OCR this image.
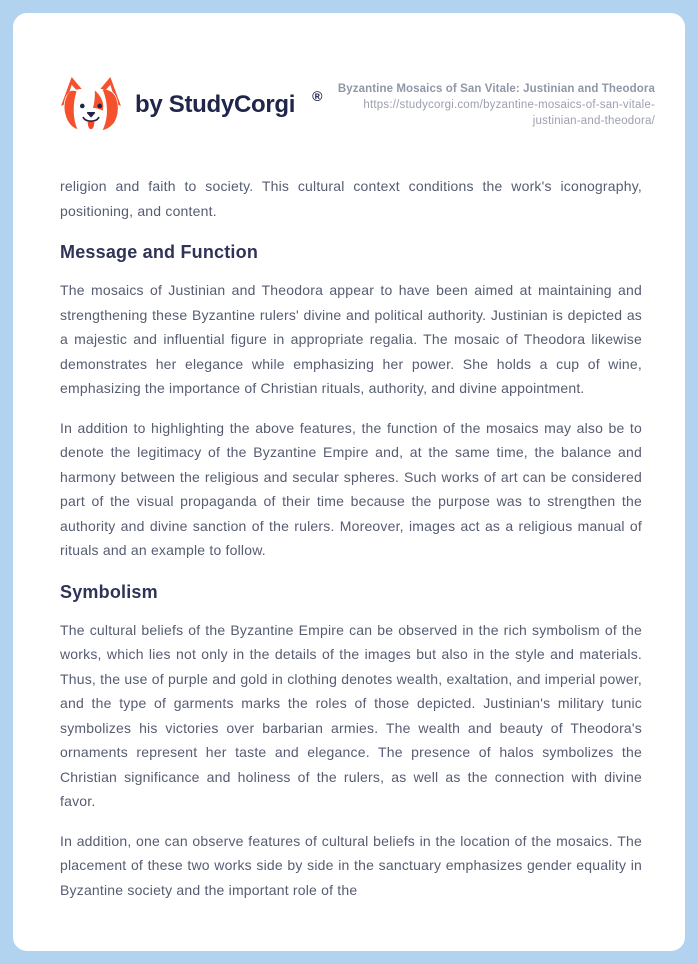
by StudyCorgi ®	Byzantine Mosaics of San Vitale: Justinian and Theodora
https://studycorgi.com/byzantine-mosaics-of-san-vitale-justinian-and-theodora/

religion and faith to society. This cultural context conditions the work's iconography, positioning, and content.

Message and Function

The mosaics of Justinian and Theodora appear to have been aimed at maintaining and strengthening these Byzantine rulers' divine and political authority. Justinian is depicted as a majestic and influential figure in appropriate regalia. The mosaic of Theodora likewise demonstrates her elegance while emphasizing her power. She holds a cup of wine, emphasizing the importance of Christian rituals, authority, and divine appointment.

In addition to highlighting the above features, the function of the mosaics may also be to denote the legitimacy of the Byzantine Empire and, at the same time, the balance and harmony between the religious and secular spheres. Such works of art can be considered part of the visual propaganda of their time because the purpose was to strengthen the authority and divine sanction of the rulers. Moreover, images act as a religious manual of rituals and an example to follow.

Symbolism

The cultural beliefs of the Byzantine Empire can be observed in the rich symbolism of the works, which lies not only in the details of the images but also in the style and materials. Thus, the use of purple and gold in clothing denotes wealth, exaltation, and imperial power, and the type of garments marks the roles of those depicted. Justinian's military tunic symbolizes his victories over barbarian armies. The wealth and beauty of Theodora's ornaments represent her taste and elegance. The presence of halos symbolizes the Christian significance and holiness of the rulers, as well as the connection with divine favor.

In addition, one can observe features of cultural beliefs in the location of the mosaics. The placement of these two works side by side in the sanctuary emphasizes gender equality in Byzantine society and the important role of the
